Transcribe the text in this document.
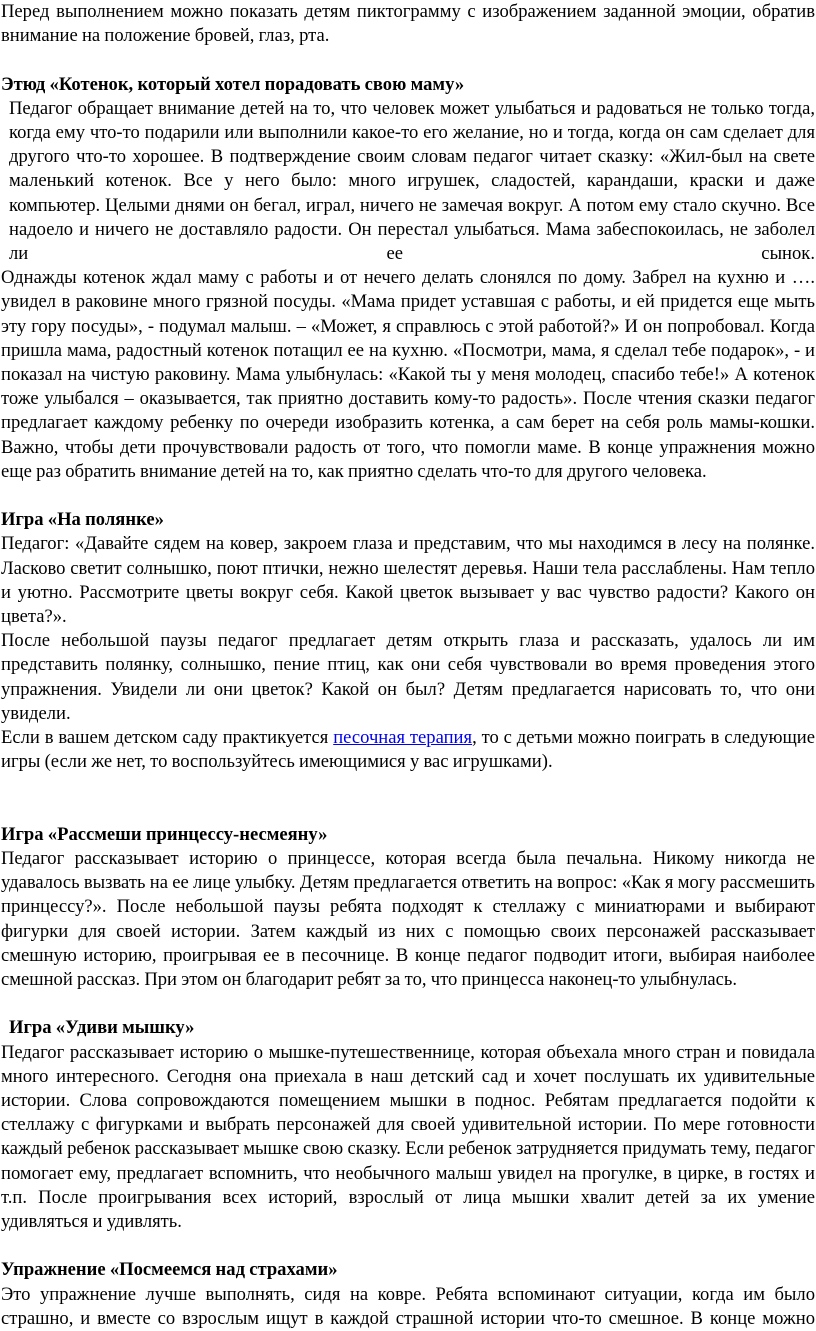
Перед выполнением можно показать детям пиктограмму с изображением заданной эмоции, обратив внимание на положение бровей, глаз, рта.

Этюд «Котенок, который хотел порадовать свою маму»

Педагог обращает внимание детей на то, что человек может улыбаться и радоваться не только тогда, когда ему что-то подарили или выполнили какое-то его желание, но и тогда, когда он сам сделает для другого что-то хорошее. В подтверждение своим словам педагог читает сказку: «Жил-был на свете маленький котенок. Все у него было: много игрушек, сладостей, карандаши, краски и даже компьютер. Целыми днями он бегал, играл, ничего не замечая вокруг. А потом ему стало скучно. Все надоело и ничего не доставляло радости. Он перестал улыбаться. Мама забеспокоилась, не заболел ли ее сынок.

Однажды котенок ждал маму с работы и от нечего делать слонялся по дому. Забрел на кухню и …. увидел в раковине много грязной посуды. «Мама придет уставшая с работы, и ей придется еще мыть эту гору посуды», - подумал малыш. – «Может, я справлюсь с этой работой?» И он попробовал. Когда пришла мама, радостный котенок потащил ее на кухню. «Посмотри, мама, я сделал тебе подарок», - и показал на чистую раковину. Мама улыбнулась: «Какой ты у меня молодец, спасибо тебе!» А котенок тоже улыбался – оказывается, так приятно доставить кому-то радость». После чтения сказки педагог предлагает каждому ребенку по очереди изобразить котенка, а сам берет на себя роль мамы-кошки. Важно, чтобы дети прочувствовали радость от того, что помогли маме. В конце упражнения можно еще раз обратить внимание детей на то, как приятно сделать что-то для другого человека.

Игра «На полянке»

Педагог: «Давайте сядем на ковер, закроем глаза и представим, что мы находимся в лесу на полянке. Ласково светит солнышко, поют птички, нежно шелестят деревья. Наши тела расслаблены. Нам тепло и уютно. Рассмотрите цветы вокруг себя. Какой цветок вызывает у вас чувство радости? Какого он цвета?».

После небольшой паузы педагог предлагает детям открыть глаза и рассказать, удалось ли им представить полянку, солнышко, пение птиц, как они себя чувствовали во время проведения этого упражнения. Увидели ли они цветок? Какой он был? Детям предлагается нарисовать то, что они увидели.

Если в вашем детском саду практикуется песочная терапия, то с детьми можно поиграть в следующие игры (если же нет, то воспользуйтесь имеющимися у вас игрушками).

Игра «Рассмеши принцессу-несмеяну»

Педагог рассказывает историю о принцессе, которая всегда была печальна. Никому никогда не удавалось вызвать на ее лице улыбку. Детям предлагается ответить на вопрос: «Как я могу рассмешить принцессу?». После небольшой паузы ребята подходят к стеллажу с миниатюрами и выбирают фигурки для своей истории. Затем каждый из них с помощью своих персонажей рассказывает смешную историю, проигрывая ее в песочнице. В конце педагог подводит итоги, выбирая наиболее смешной рассказ. При этом он благодарит ребят за то, что принцесса наконец-то улыбнулась.

Игра «Удиви мышку»

Педагог рассказывает историю о мышке-путешественнице, которая объехала много стран и повидала много интересного. Сегодня она приехала в наш детский сад и хочет послушать их удивительные истории. Слова сопровождаются помещением мышки в поднос. Ребятам предлагается подойти к стеллажу с фигурками и выбрать персонажей для своей удивительной истории. По мере готовности каждый ребенок рассказывает мышке свою сказку. Если ребенок затрудняется придумать тему, педагог помогает ему, предлагает вспомнить, что необычного малыш увидел на прогулке, в цирке, в гостях и т.п. После проигрывания всех историй, взрослый от лица мышки хвалит детей за их умение удивляться и удивлять.

Упражнение «Посмеемся над страхами»

Это упражнение лучше выполнять, сидя на ковре. Ребята вспоминают ситуации, когда им было страшно, и вместе со взрослым ищут в каждой страшной истории что-то смешное. В конце можно
